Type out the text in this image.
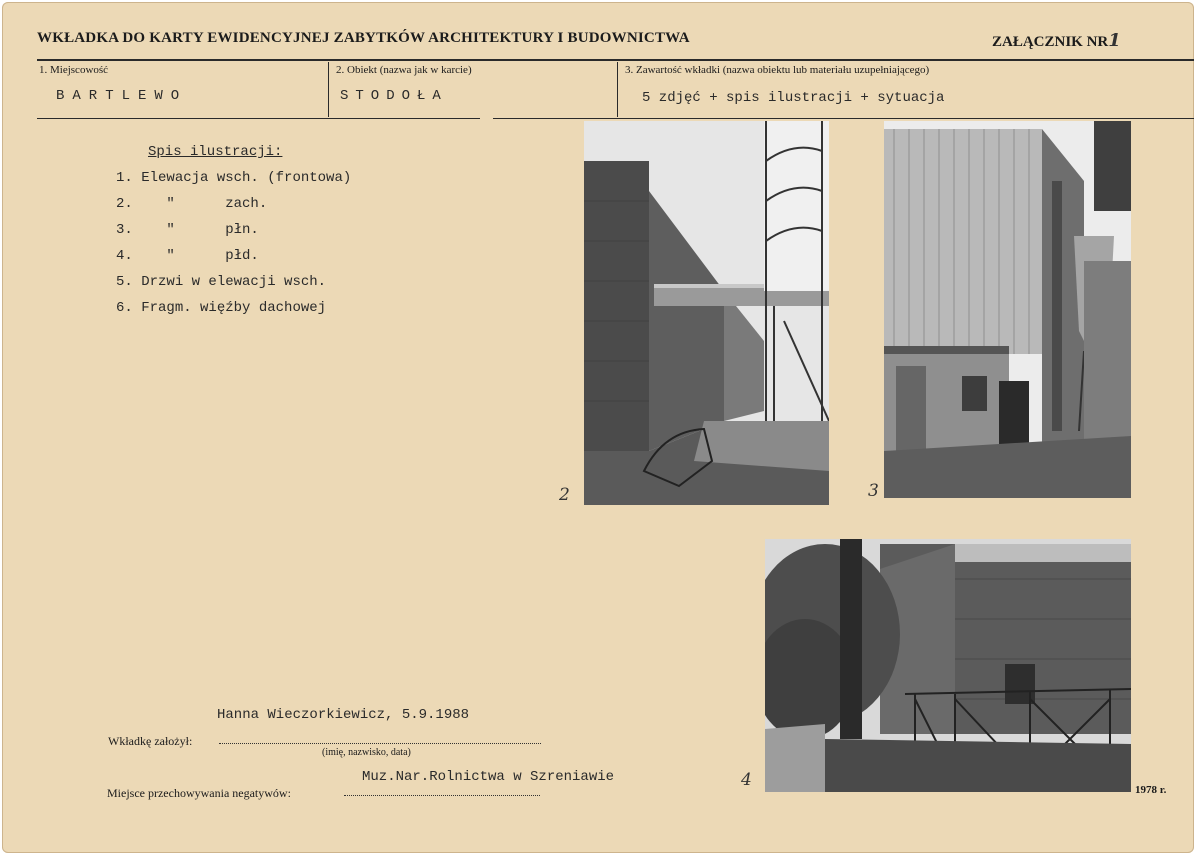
WKŁADKA DO KARTY EWIDENCYJNEJ ZABYTKÓW ARCHITEKTURY I BUDOWNICTWA	ZAŁĄCZNIK NR1
1. Miejscowość	2. Obiekt (nazwa jak w karcie)	3. Zawartość wkładki (nazwa obiektu lub materiału uzupełniającego)
BARTLEWO	STODOŁA	5 zdjęć + spis ilustracji + sytuacja
Spis ilustracji:
1. Elewacja wsch. (frontowa)
2. "      zach.
3. "      płn.
4. "      płd.
5. Drzwi w elewacji wsch.
6. Fragm. więźby dachowej
2	3
4
Hanna Wieczorkiewicz, 5.9.1988
Wkładkę założył:
(imię, nazwisko, data)
Muz.Nar.Rolnictwa w Szreniawie
Miejsce przechowywania negatywów:	1978 r.
